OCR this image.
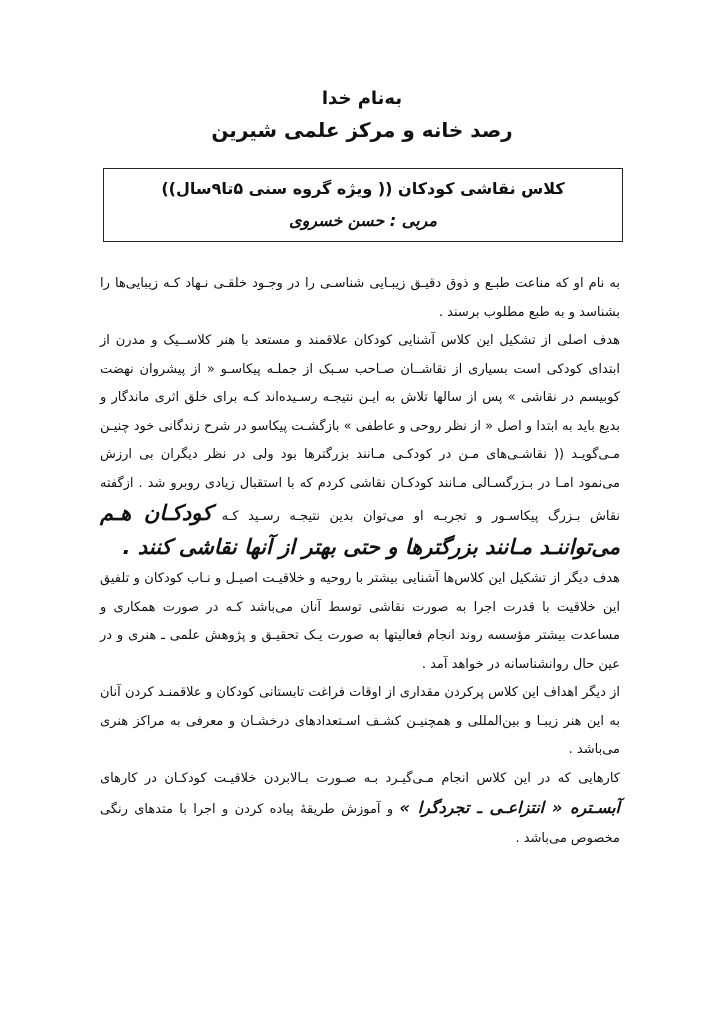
به‌نام خدا
رصد خانه و مرکز علمی شیرین
کلاس نقاشی کودکان (( ویژه گروه سنی ۵تا۹سال))
مربی : حسن خسروی

به نام او که مناعت طبـع و ذوق دقیـق زیبـایی شناسـی را در وجـود خلقـی نـهاد کـه زیبایی‌ها را بشناسد و به طبع مطلوب برسند .

هدف اصلی از تشکیل این کلاس آشنایی کودکان علاقمند و مستعد با هنر کلاســیک و مدرن از ابتدای کودکی است بسیاری از نقاشــان صـاحب سـبک از جملـه پیکاسـو « از پیشروان نهضت کوبیسم در نقاشی » پس از سالها تلاش به ایـن نتیجـه رسـیده‌اند کـه برای خلق اثری ماندگار و بدیع باید به ابتدا و اصل « از نظر روحی و عاطفی » بازگشـت پیکاسو در شرح زندگانی خود چنیـن مـی‌گویـد (( نقاشـی‌های مـن در کودکـی مـانند بزرگترها بود ولی در نظر دیگران بی ارزش می‌نمود امـا در بـزرگسـالی مـانند کودکـان نقاشی کردم که با استقبال زیادی روبرو شد . ازگفته نقاش بـزرگ پیکاسـور و تجربـه او می‌توان بدین نتیجـه رسـید کـه کودکـان هـم می‌تواننـد مـانند بزرگترها و حتی بهتر از آنها نقاشی کنند .

هدف دیگر از تشکیل این کلاس‌ها آشنایی بیشتر با روحیه و خلاقیـت اصیـل و نـاب کودکان و تلفیق این خلاقیت با قدرت اجرا به صورت نقاشی توسط آنان می‌باشد کـه در صورت همکاری و مساعدت بیشتر مؤسسه روند انجام فعالیتها به صورت یـک تحقیـق و پژوهش علمی ـ هنری و در عین حال روانشناسانه در خواهد آمد .

از دیگر اهداف این کلاس پرکردن مقداری از اوقات فراغت تابستانی کودکان و علاقمنـد کردن آنان به این هنر زیبـا و بین‌المللی و همچنیـن کشـف اسـتعدادهای درخشـان و معرفی به مراکز هنری می‌باشد .

کارهایی که در این کلاس انجام مـی‌گیـرد بـه صـورت بـالابردن خلاقیـت کودکـان در کارهای آبسـتره « انتزاعـی ـ تجردگرا » و آموزش طریقهٔ پیاده کردن و اجرا با متدهای رنگی مخصوص می‌باشد .
